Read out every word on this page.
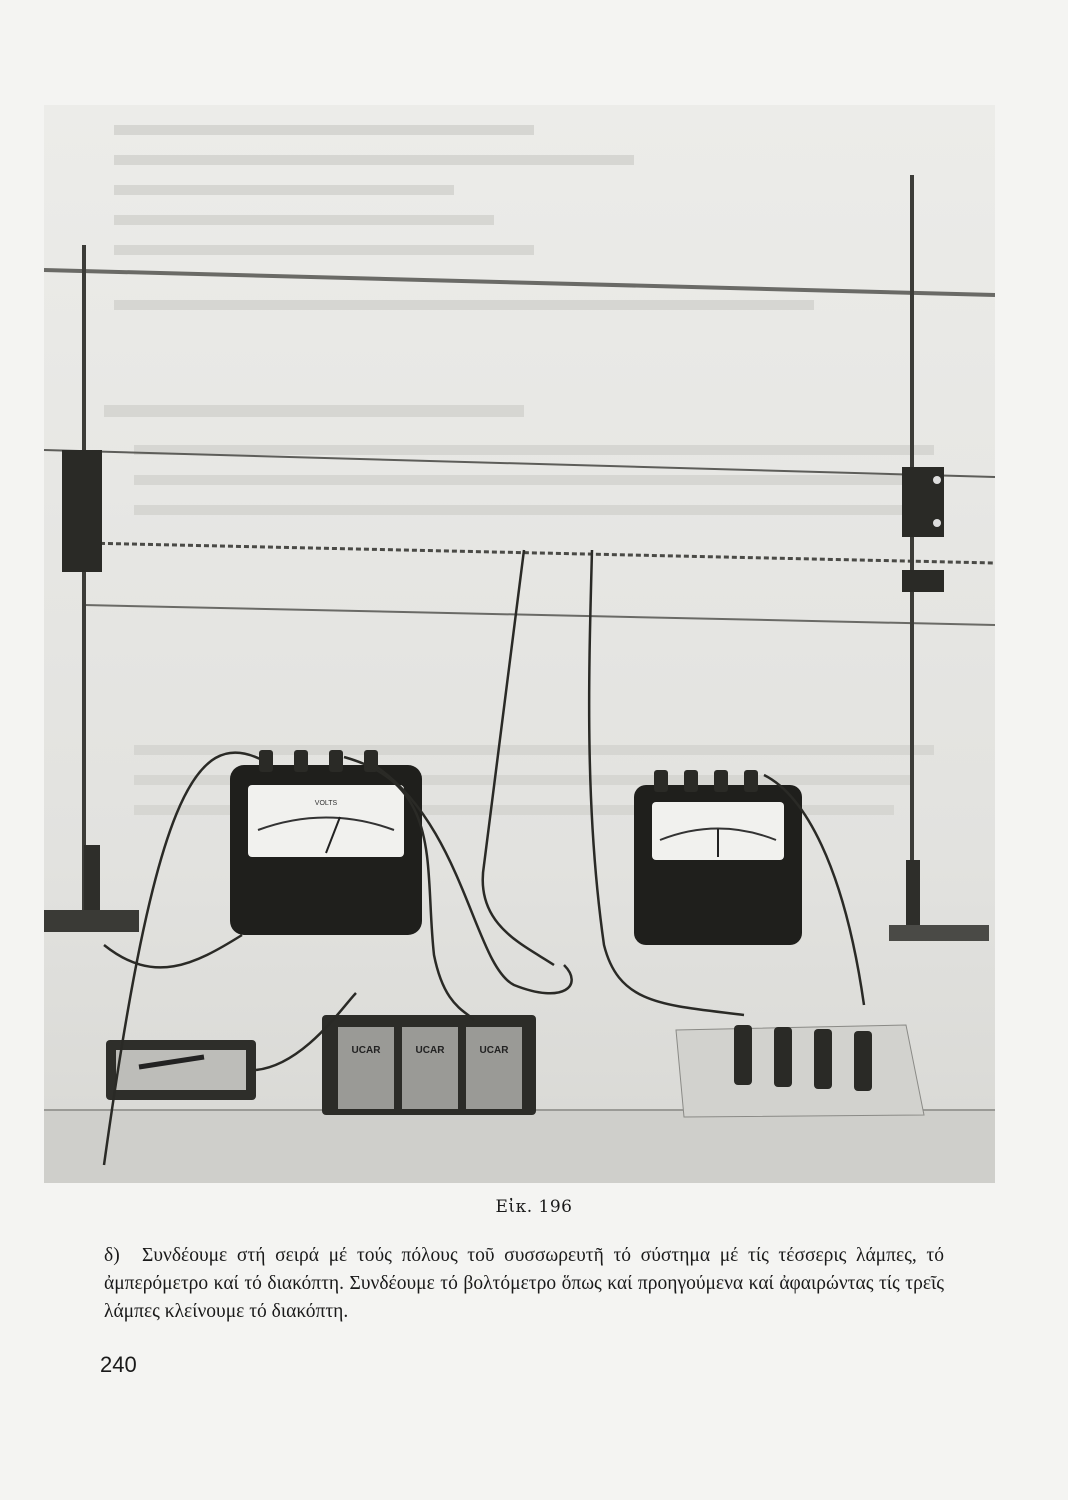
VOLTS
UCAR	UCAR	UCAR
Εἰκ. 196
δ) Συνδέουμε στή σειρά μέ τούς πόλους τοῦ συσσωρευτῆ τό σύστημα μέ τίς τέσσερις λάμπες, τό ἀμπερόμετρο καί τό διακόπτη. Συνδέουμε τό βολτόμετρο ὅπως καί προηγούμενα καί ἀφαιρώντας τίς τρεῖς λάμπες κλείνουμε τό διακόπτη.
240
